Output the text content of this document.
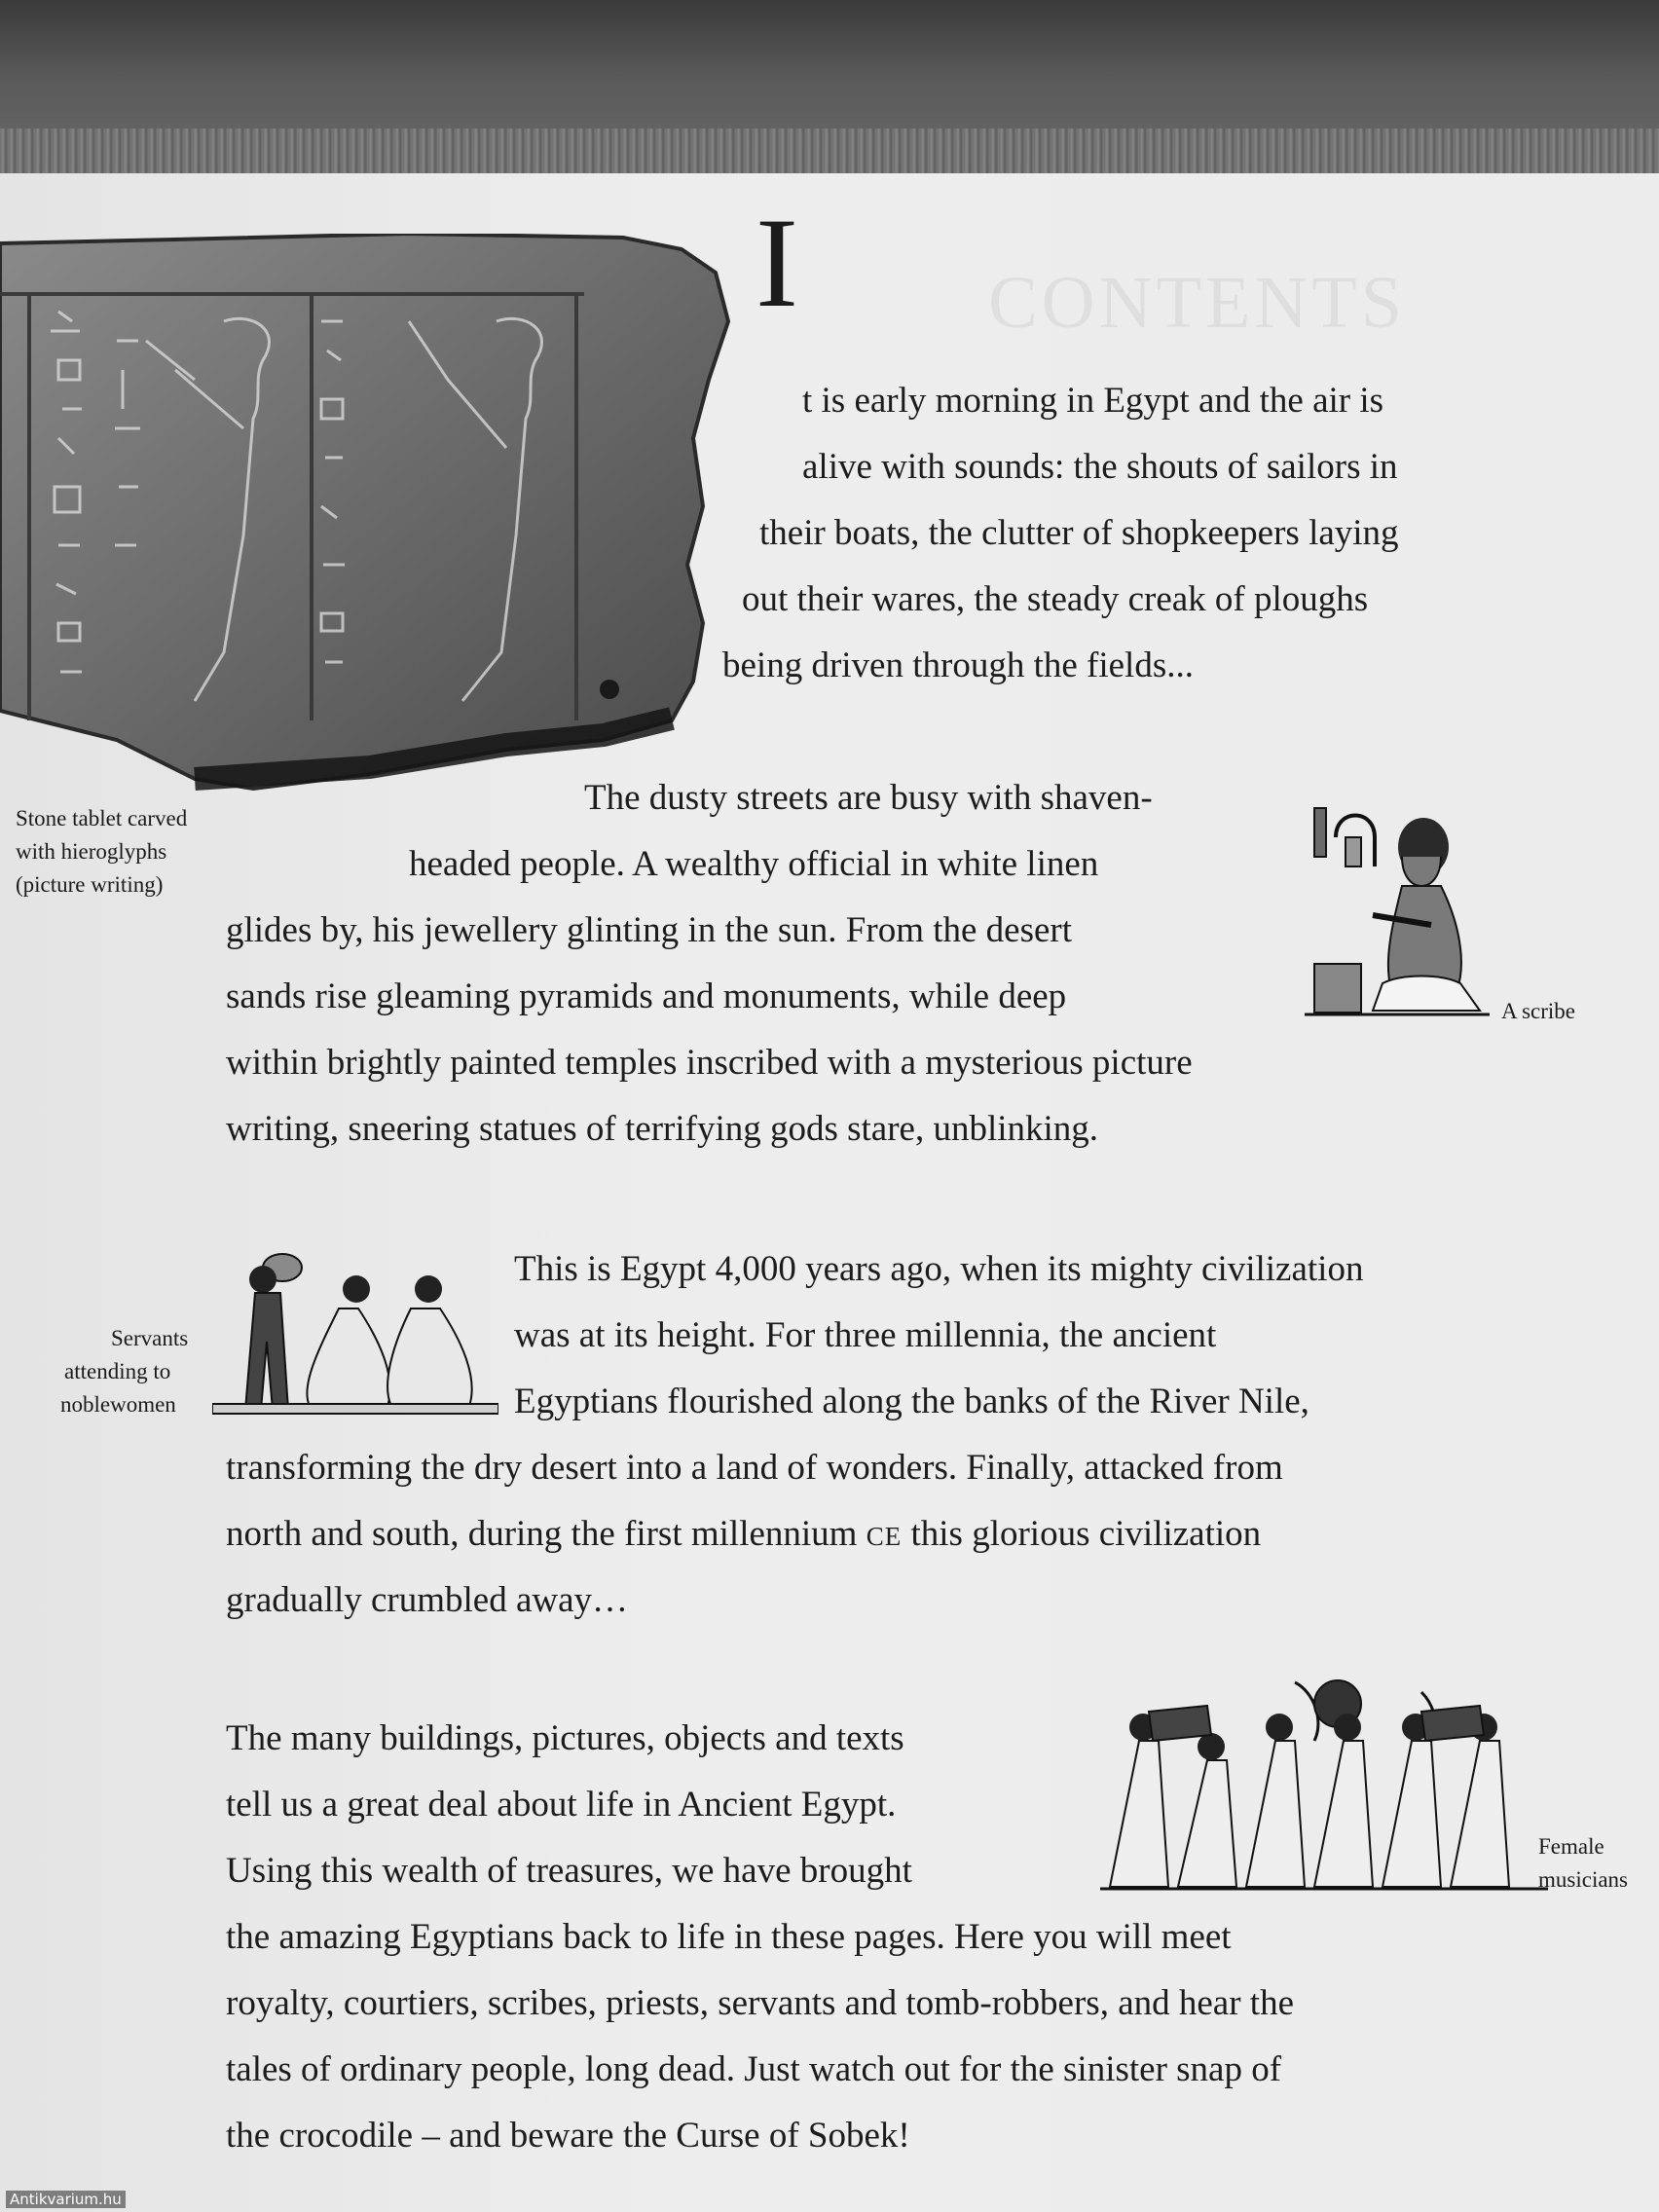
CONTENTS
I
t is early morning in Egypt and the air is
alive with sounds: the shouts of sailors in
their boats, the clutter of shopkeepers laying
out their wares, the steady creak of ploughs
being driven through the fields...
Stone tablet carved
with hieroglyphs
(picture writing)
The dusty streets are busy with shaven-
headed people. A wealthy official in white linen
glides by, his jewellery glinting in the sun. From the desert
sands rise gleaming pyramids and monuments, while deep
within brightly painted temples inscribed with a mysterious picture
writing, sneering statues of terrifying gods stare, unblinking.
A scribe
This is Egypt 4,000 years ago, when its mighty civilization
was at its height. For three millennia, the ancient
Egyptians flourished along the banks of the River Nile,
transforming the dry desert into a land of wonders. Finally, attacked from
north and south, during the first millennium CE this glorious civilization
gradually crumbled away…
Servants
attending to
noblewomen
The many buildings, pictures, objects and texts
tell us a great deal about life in Ancient Egypt.
Using this wealth of treasures, we have brought
the amazing Egyptians back to life in these pages. Here you will meet
royalty, courtiers, scribes, priests, servants and tomb-robbers, and hear the
tales of ordinary people, long dead. Just watch out for the sinister snap of
the crocodile – and beware the Curse of Sobek!
Female
musicians
Antikvarium.hu
